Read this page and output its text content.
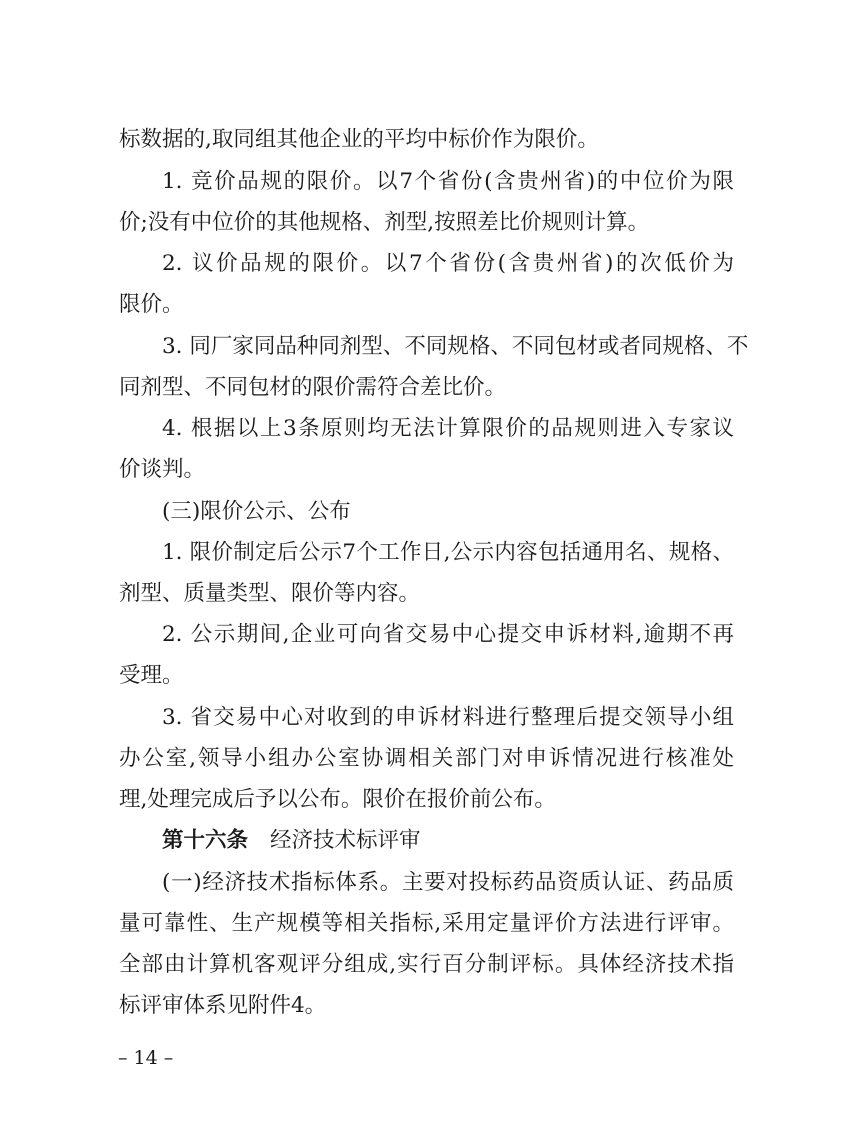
标数据的,取同组其他企业的平均中标价作为限价。
1. 竞价品规的限价。以7个省份(含贵州省)的中位价为限
价;没有中位价的其他规格、剂型,按照差比价规则计算。
2. 议价品规的限价。以7个省份(含贵州省)的次低价为
限价。
3. 同厂家同品种同剂型、不同规格、不同包材或者同规格、不
同剂型、不同包材的限价需符合差比价。
4. 根据以上3条原则均无法计算限价的品规则进入专家议
价谈判。
(三)限价公示、公布
1. 限价制定后公示7个工作日,公示内容包括通用名、规格、
剂型、质量类型、限价等内容。
2. 公示期间,企业可向省交易中心提交申诉材料,逾期不再
受理。
3. 省交易中心对收到的申诉材料进行整理后提交领导小组
办公室,领导小组办公室协调相关部门对申诉情况进行核准处
理,处理完成后予以公布。限价在报价前公布。
第十六条 经济技术标评审
(一)经济技术指标体系。主要对投标药品资质认证、药品质
量可靠性、生产规模等相关指标,采用定量评价方法进行评审。
全部由计算机客观评分组成,实行百分制评标。具体经济技术指
标评审体系见附件4。
– 14 –
